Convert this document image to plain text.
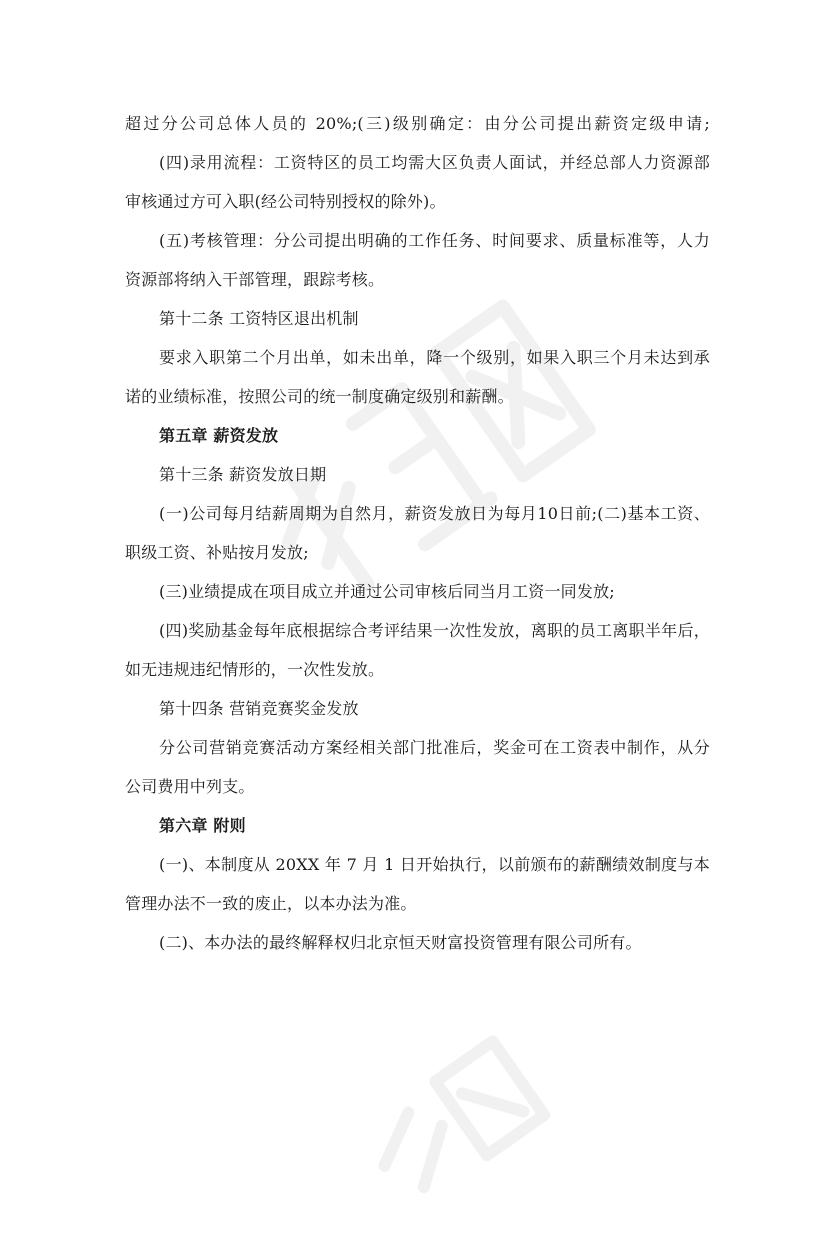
超过分公司总体人员的 20%;(三)级别确定：由分公司提出薪资定级申请;
(四)录用流程：工资特区的员工均需大区负责人面试，并经总部人力资源部
审核通过方可入职(经公司特别授权的除外)。
(五)考核管理：分公司提出明确的工作任务、时间要求、质量标准等，人力
资源部将纳入干部管理，跟踪考核。
第十二条 工资特区退出机制
要求入职第二个月出单，如未出单，降一个级别，如果入职三个月未达到承
诺的业绩标准，按照公司的统一制度确定级别和薪酬。
第五章 薪资发放
第十三条 薪资发放日期
(一)公司每月结薪周期为自然月，薪资发放日为每月10日前;(二)基本工资、
职级工资、补贴按月发放;
(三)业绩提成在项目成立并通过公司审核后同当月工资一同发放;
(四)奖励基金每年底根据综合考评结果一次性发放，离职的员工离职半年后，
如无违规违纪情形的，一次性发放。
第十四条 营销竞赛奖金发放
分公司营销竞赛活动方案经相关部门批准后，奖金可在工资表中制作，从分
公司费用中列支。
第六章 附则
(一)、本制度从 20XX 年 7 月 1 日开始执行，以前颁布的薪酬绩效制度与本
管理办法不一致的废止，以本办法为准。
(二)、本办法的最终解释权归北京恒天财富投资管理有限公司所有。
